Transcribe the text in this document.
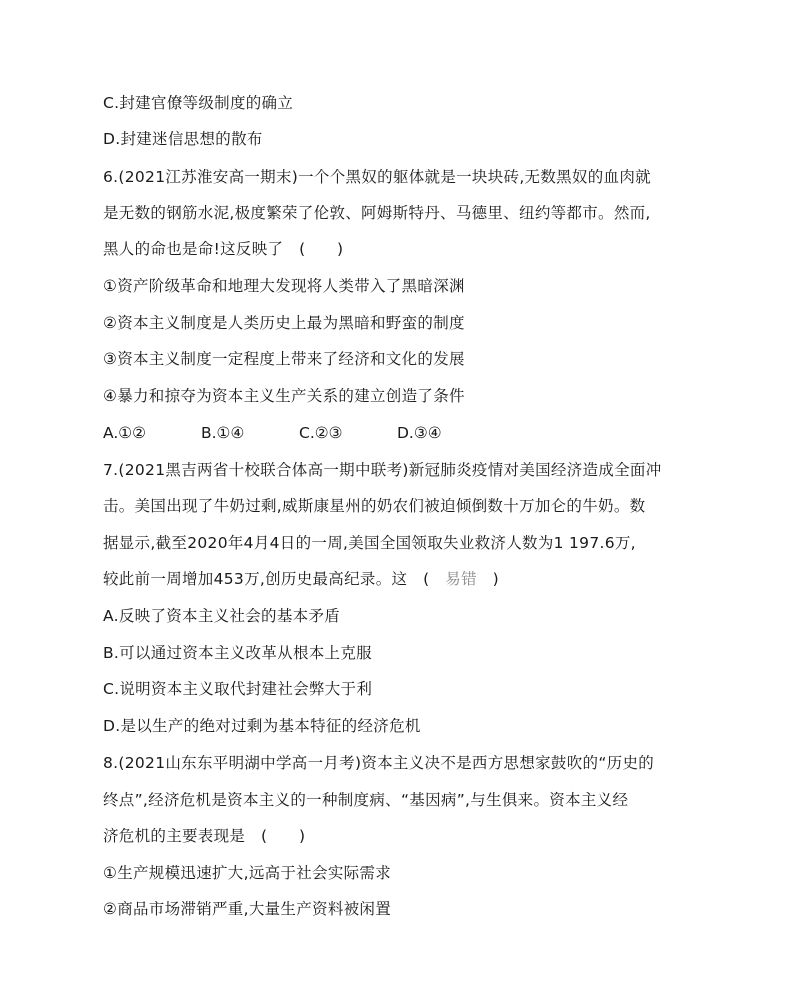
C.封建官僚等级制度的确立
D.封建迷信思想的散布
6.(2021江苏淮安高一期末)一个个黑奴的躯体就是一块块砖,无数黑奴的血肉就
是无数的钢筋水泥,极度繁荣了伦敦、阿姆斯特丹、马德里、纽约等都市。然而,
黑人的命也是命!这反映了　(　　)
①资产阶级革命和地理大发现将人类带入了黑暗深渊
②资本主义制度是人类历史上最为黑暗和野蛮的制度
③资本主义制度一定程度上带来了经济和文化的发展
④暴力和掠夺为资本主义生产关系的建立创造了条件
A.①②	B.①④	C.②③	D.③④
7.(2021黑吉两省十校联合体高一期中联考)新冠肺炎疫情对美国经济造成全面冲
击。美国出现了牛奶过剩,威斯康星州的奶农们被迫倾倒数十万加仑的牛奶。数
据显示,截至2020年4月4日的一周,美国全国领取失业救济人数为1 197.6万,
较此前一周增加453万,创历史最高纪录。这　(　易错　)
A.反映了资本主义社会的基本矛盾
B.可以通过资本主义改革从根本上克服
C.说明资本主义取代封建社会弊大于利
D.是以生产的绝对过剩为基本特征的经济危机
8.(2021山东东平明湖中学高一月考)资本主义决不是西方思想家鼓吹的“历史的
终点”,经济危机是资本主义的一种制度病、“基因病”,与生俱来。资本主义经
济危机的主要表现是　(　　)
①生产规模迅速扩大,远高于社会实际需求
②商品市场滞销严重,大量生产资料被闲置
